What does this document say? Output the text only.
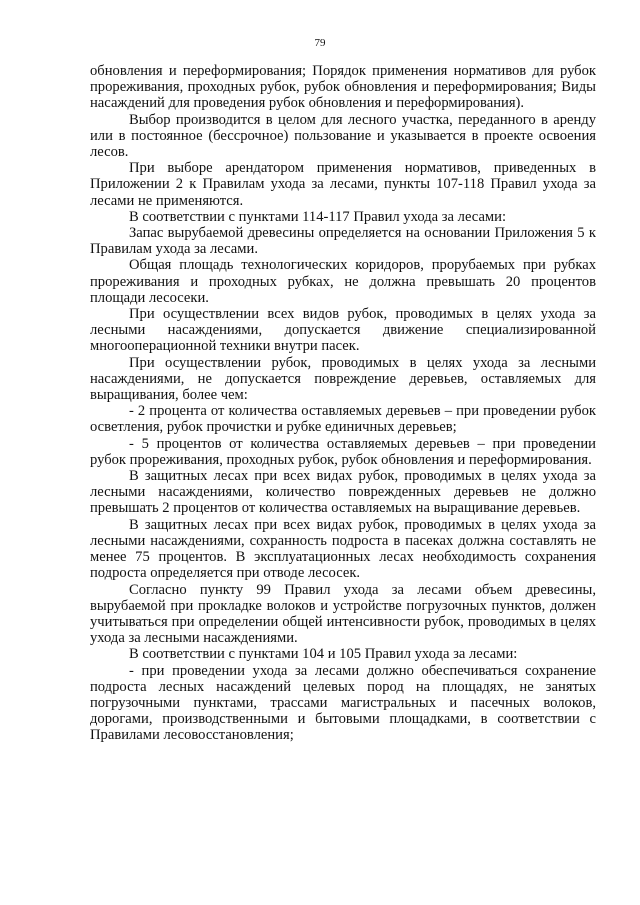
79

обновления и переформирования; Порядок применения нормативов для рубок прореживания, проходных рубок, рубок обновления и переформирования; Виды насаждений для проведения рубок обновления и переформирования).

Выбор производится в целом для лесного участка, переданного в аренду или в постоянное (бессрочное) пользование и указывается в проекте освоения лесов.

При выборе арендатором применения нормативов, приведенных в Приложении 2 к Правилам ухода за лесами, пункты 107-118 Правил ухода за лесами не применяются.

В соответствии с пунктами 114-117 Правил ухода за лесами:

Запас вырубаемой древесины определяется на основании Приложения 5 к Правилам ухода за лесами.

Общая площадь технологических коридоров, прорубаемых при рубках прореживания и проходных рубках, не должна превышать 20 процентов площади лесосеки.

При осуществлении всех видов рубок, проводимых в целях ухода за лесными насаждениями, допускается движение специализированной многооперационной техники внутри пасек.

При осуществлении рубок, проводимых в целях ухода за лесными насаждениями, не допускается повреждение деревьев, оставляемых для выращивания, более чем:

- 2 процента от количества оставляемых деревьев – при проведении рубок осветления, рубок прочистки и рубке единичных деревьев;

- 5 процентов от количества оставляемых деревьев – при проведении рубок прореживания, проходных рубок, рубок обновления и переформирования.

В защитных лесах при всех видах рубок, проводимых в целях ухода за лесными насаждениями, количество поврежденных деревьев не должно превышать 2 процентов от количества оставляемых на выращивание деревьев.

В защитных лесах при всех видах рубок, проводимых в целях ухода за лесными насаждениями, сохранность подроста в пасеках должна составлять не менее 75 процентов. В эксплуатационных лесах необходимость сохранения подроста определяется при отводе лесосек.

Согласно пункту 99 Правил ухода за лесами объем древесины, вырубаемой при прокладке волоков и устройстве погрузочных пунктов, должен учитываться при определении общей интенсивности рубок, проводимых в целях ухода за лесными насаждениями.

В соответствии с пунктами 104 и 105 Правил ухода за лесами:

- при проведении ухода за лесами должно обеспечиваться сохранение подроста лесных насаждений целевых пород на площадях, не занятых погрузочными пунктами, трассами магистральных и пасечных волоков, дорогами, производственными и бытовыми площадками, в соответствии с Правилами лесовосстановления;
